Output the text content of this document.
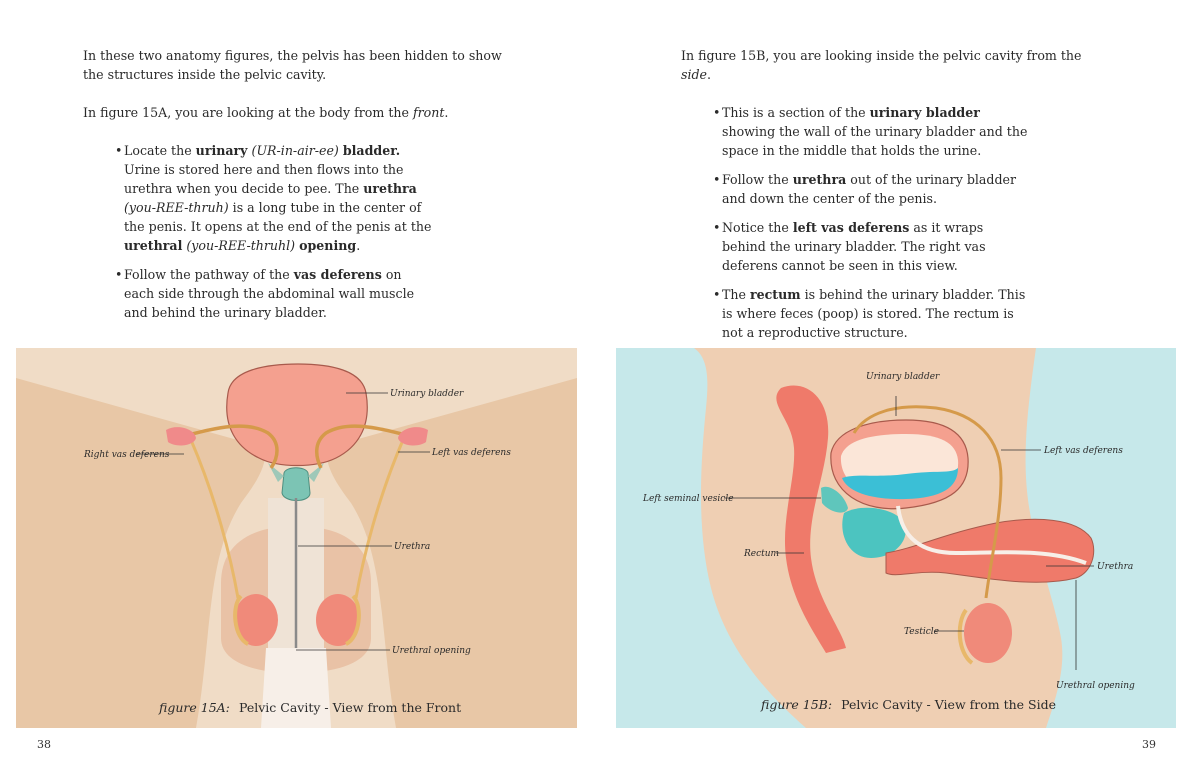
In these two anatomy figures, the pelvis has been hidden to show the structures inside the pelvic cavity.

In figure 15A, you are looking at the body from the front.

• Locate the urinary (UR-in-air-ee) bladder. Urine is stored here and then flows into the urethra when you decide to pee. The urethra (you-REE-thruh) is a long tube in the center of the penis. It opens at the end of the penis at the urethral (you-REE-thruhl) opening.
• Follow the pathway of the vas deferens on each side through the abdominal wall muscle and behind the urinary bladder.

In figure 15B, you are looking inside the pelvic cavity from the side.

• This is a section of the urinary bladder showing the wall of the urinary bladder and the space in the middle that holds the urine.
• Follow the urethra out of the urinary bladder and down the center of the penis.
• Notice the left vas deferens as it wraps behind the urinary bladder. The right vas deferens cannot be seen in this view.
• The rectum is behind the urinary bladder. This is where feces (poop) is stored. The rectum is not a reproductive structure.
Urinary bladder
Right vas deferens	Left vas deferens
Urethra
Urethral opening
figure 15A: Pelvic Cavity - View from the Front
Urinary bladder
Left vas deferens
Left seminal vesicle
Rectum
Urethra
Testicle
Urethral opening
figure 15B: Pelvic Cavity - View from the Side
38	39
